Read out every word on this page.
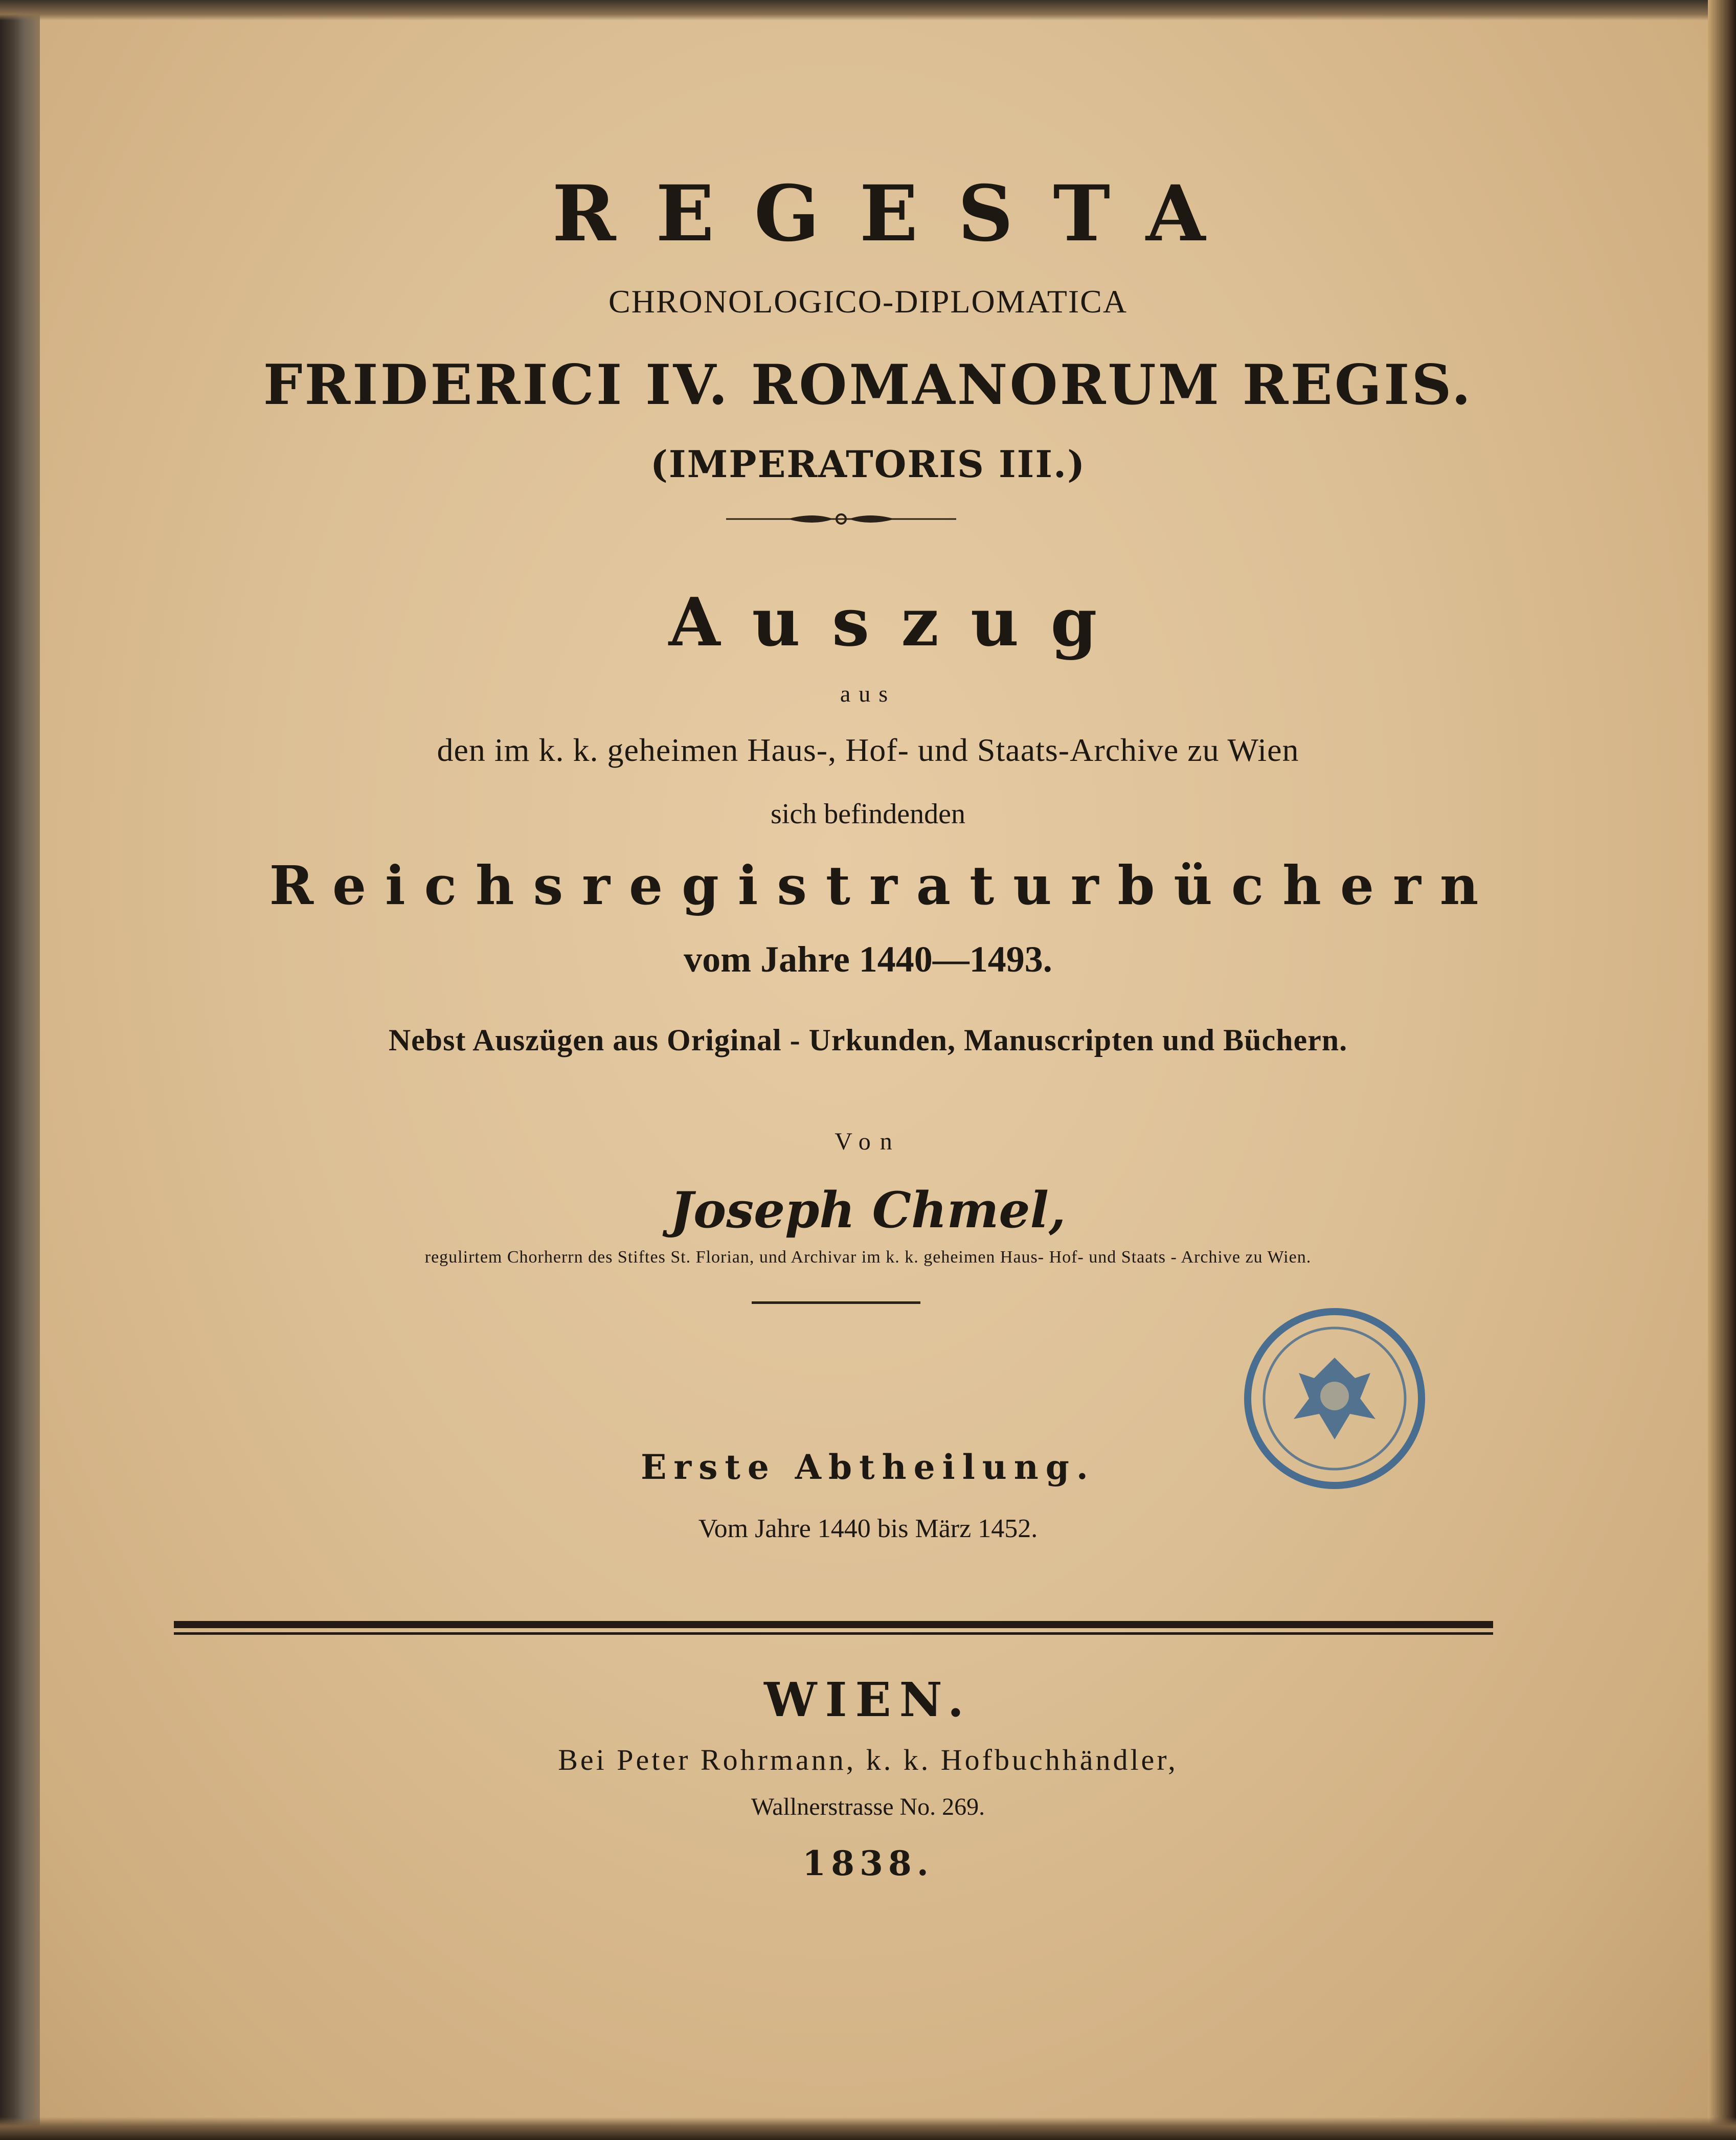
REGESTA
CHRONOLOGICO-DIPLOMATICA
FRIDERICI IV. ROMANORUM REGIS.
(IMPERATORIS III.)
Auszug
aus
den im k. k. geheimen Haus-, Hof- und Staats-Archive zu Wien
sich befindenden
Reichsregistraturbüchern
vom Jahre 1440—1493.
Nebst Auszügen aus Original - Urkunden, Manuscripten und Büchern.
Von
Joseph Chmel,
regulirtem Chorherrn des Stiftes St. Florian, und Archivar im k. k. geheimen Haus- Hof- und Staats - Archive zu Wien.
Erste Abtheilung.
Vom Jahre 1440 bis März 1452.
WIEN.
Bei Peter Rohrmann, k. k. Hofbuchhändler,
Wallnerstrasse No. 269.
1838.
